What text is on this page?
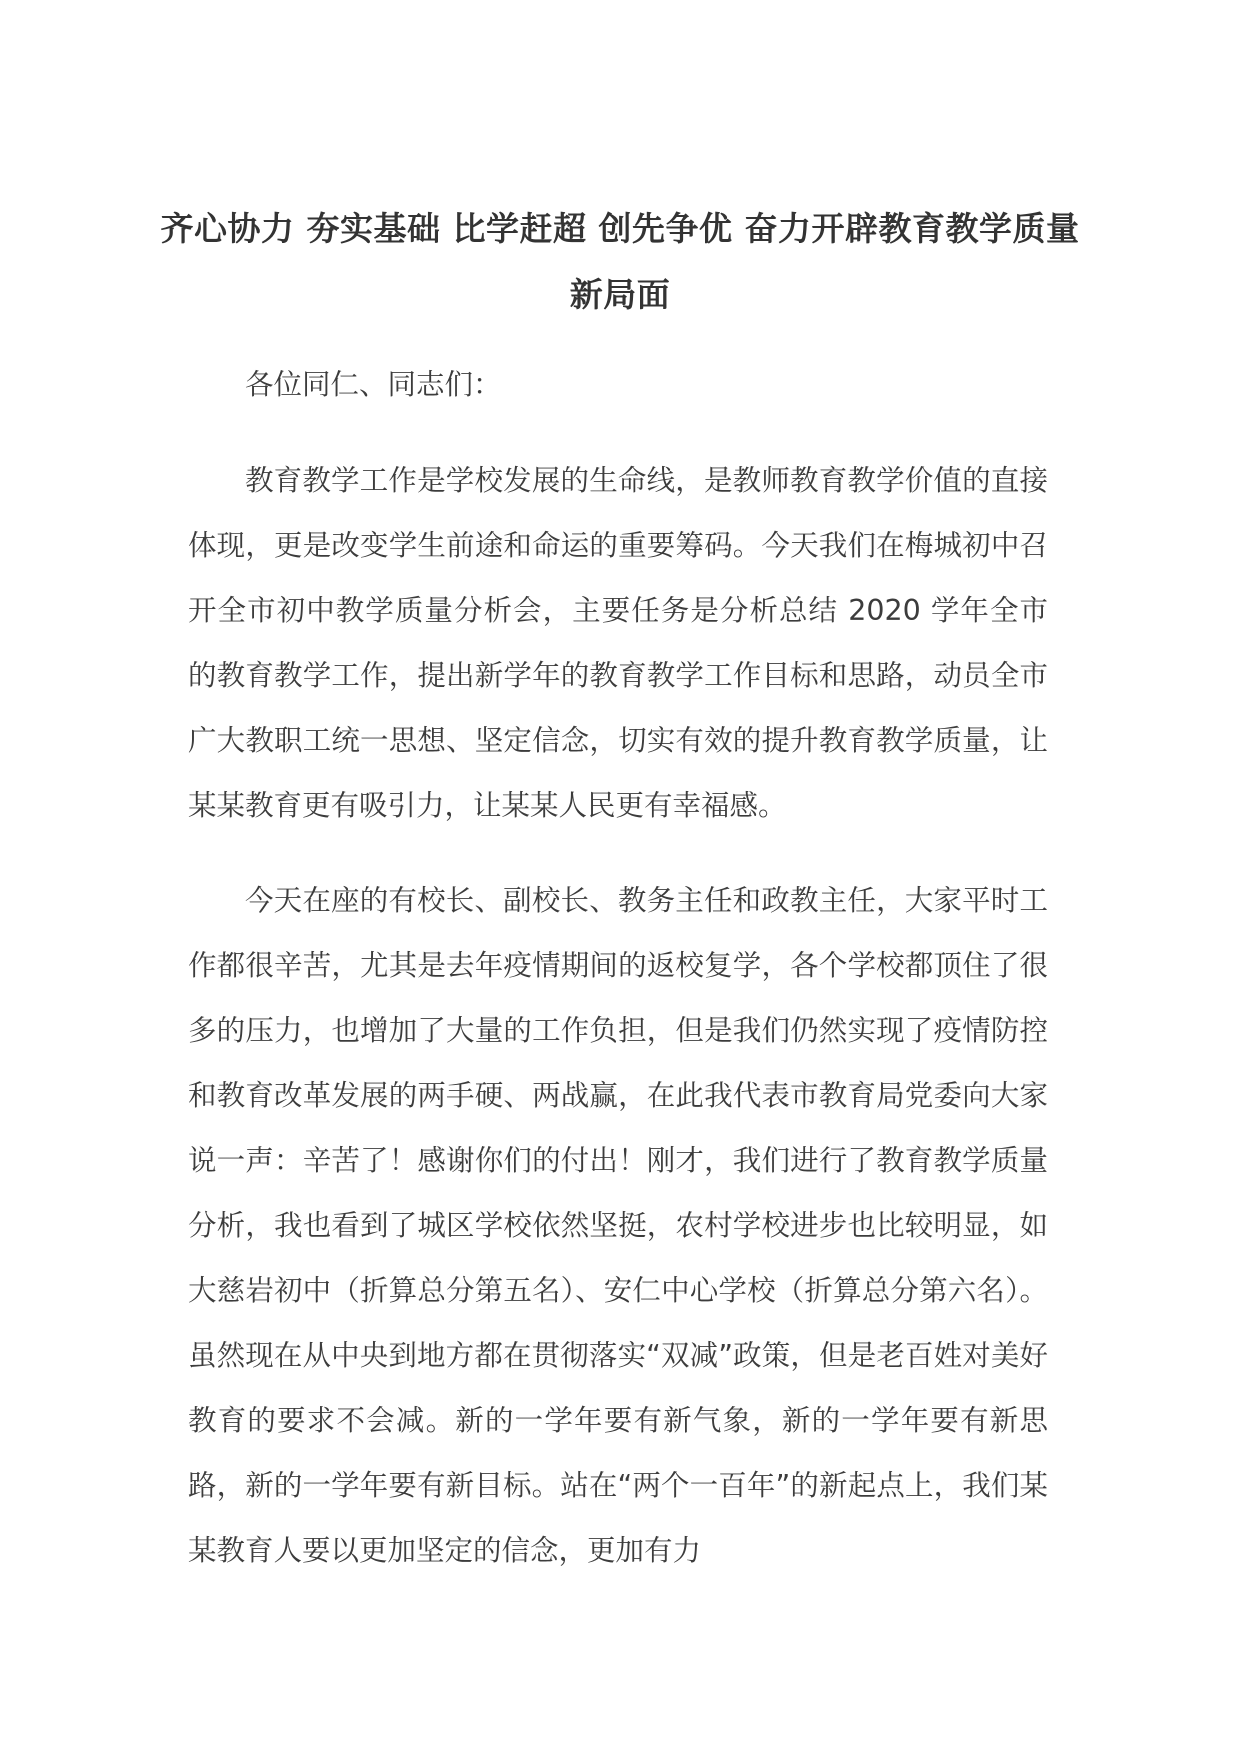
齐心协力 夯实基础 比学赶超 创先争优 奋力开辟教育教学质量新局面

各位同仁、同志们：

教育教学工作是学校发展的生命线，是教师教育教学价值的直接体现，更是改变学生前途和命运的重要筹码。今天我们在梅城初中召开全市初中教学质量分析会，主要任务是分析总结 2020 学年全市的教育教学工作，提出新学年的教育教学工作目标和思路，动员全市广大教职工统一思想、坚定信念，切实有效的提升教育教学质量，让某某教育更有吸引力，让某某人民更有幸福感。

今天在座的有校长、副校长、教务主任和政教主任，大家平时工作都很辛苦，尤其是去年疫情期间的返校复学，各个学校都顶住了很多的压力，也增加了大量的工作负担，但是我们仍然实现了疫情防控和教育改革发展的两手硬、两战赢，在此我代表市教育局党委向大家说一声：辛苦了！感谢你们的付出！刚才，我们进行了教育教学质量分析，我也看到了城区学校依然坚挺，农村学校进步也比较明显，如大慈岩初中（折算总分第五名）、安仁中心学校（折算总分第六名）。虽然现在从中央到地方都在贯彻落实“双减”政策，但是老百姓对美好教育的要求不会减。新的一学年要有新气象，新的一学年要有新思路，新的一学年要有新目标。站在“两个一百年”的新起点上，我们某某教育人要以更加坚定的信念，更加有力
